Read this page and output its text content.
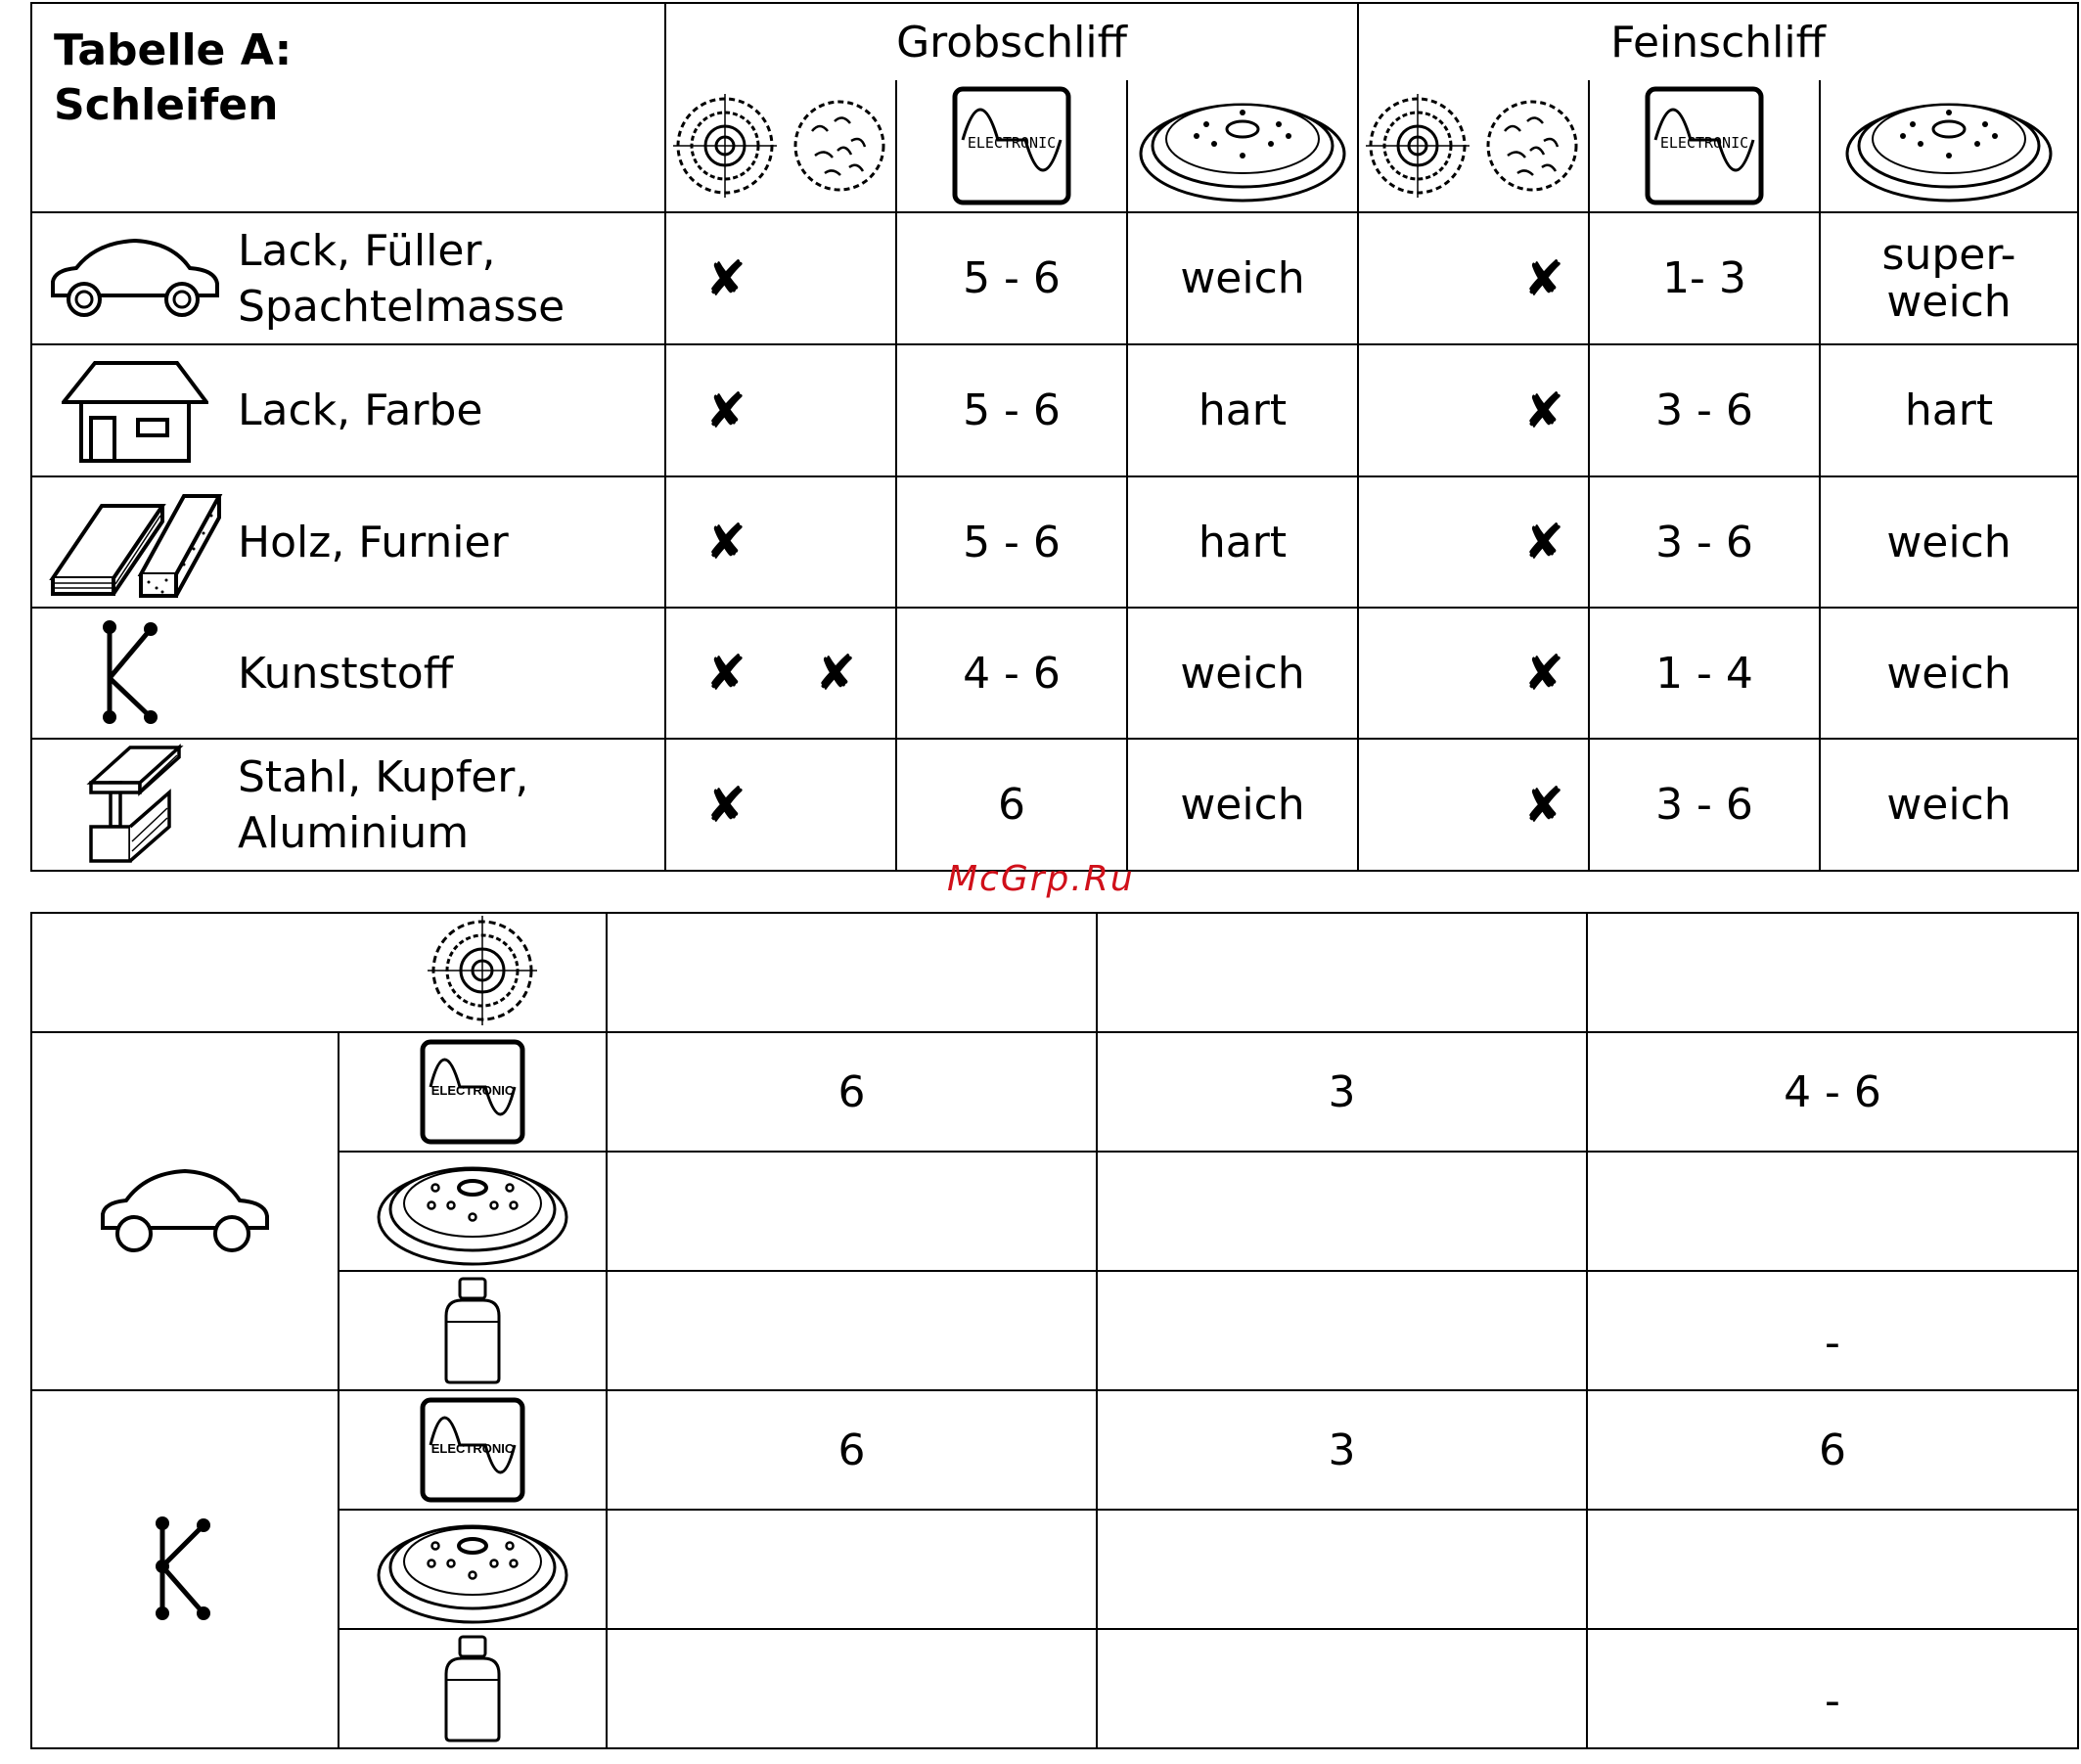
Tabelle A:
Schleifen	Grobschliff			Feinschliff		

ELECTRONIC			ELECTRONIC

Lack, Füller,
Spachtelmasse	✘	5 - 6	weich	✘	1- 3	super-
weich

Lack, Farbe	✘	5 - 6	hart	✘	3 - 6	hart

Holz, Furnier	✘	5 - 6	hart	✘	3 - 6	weich

Kunststoff	✘ ✘	4 - 6	weich	✘	1 - 4	weich

Stahl, Kupfer,
Aluminium	✘	6	weich	✘	3 - 6	weich
McGrp.Ru

ELECTRONIC	6	3	4 - 6

			-

ELECTRONIC	6	3	6

			-
